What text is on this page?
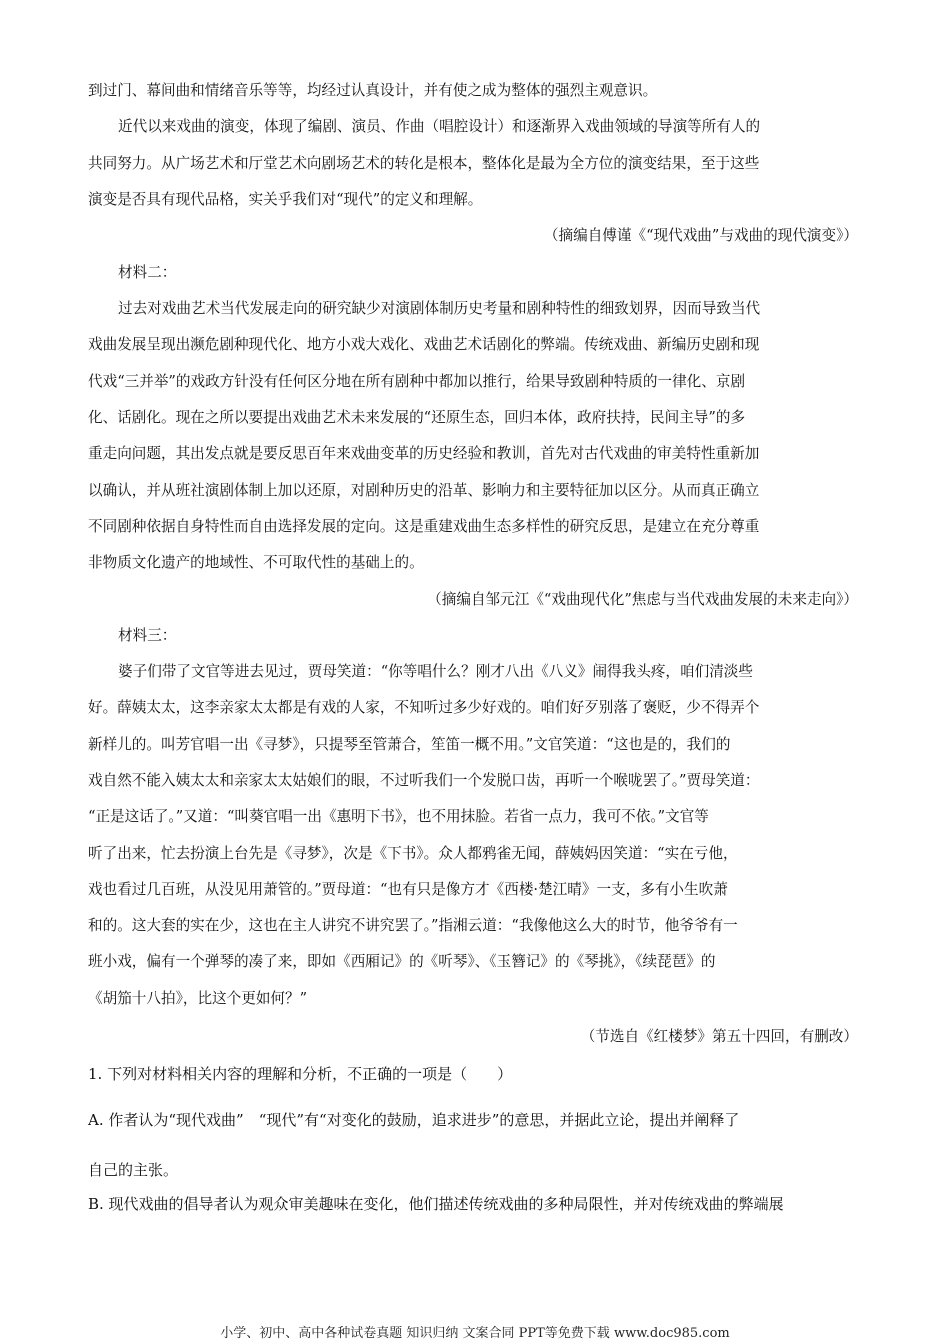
到过门、幕间曲和情绪音乐等等，均经过认真设计，并有使之成为整体的强烈主观意识。
近代以来戏曲的演变，体现了编剧、演员、作曲（唱腔设计）和逐渐界入戏曲领域的导演等所有人的
共同努力。从广场艺术和厅堂艺术向剧场艺术的转化是根本，整体化是最为全方位的演变结果，至于这些
演变是否具有现代品格，实关乎我们对“现代”的定义和理解。
（摘编自傅谨《“现代戏曲”与戏曲的现代演变》）
材料二：
过去对戏曲艺术当代发展走向的研究缺少对演剧体制历史考量和剧种特性的细致划界，因而导致当代
戏曲发展呈现出濒危剧种现代化、地方小戏大戏化、戏曲艺术话剧化的弊端。传统戏曲、新编历史剧和现
代戏“三并举”的戏政方针没有任何区分地在所有剧种中都加以推行，给果导致剧种特质的一律化、京剧
化、话剧化。现在之所以要提出戏曲艺术未来发展的“还原生态，回归本体，政府扶持，民间主导”的多
重走向问题，其出发点就是要反思百年来戏曲变革的历史经验和教训，首先对古代戏曲的审美特性重新加
以确认，并从班社演剧体制上加以还原，对剧种历史的沿革、影响力和主要特征加以区分。从而真正确立
不同剧种依据自身特性而自由选择发展的定向。这是重建戏曲生态多样性的研究反思，是建立在充分尊重
非物质文化遗产的地域性、不可取代性的基础上的。
（摘编自邹元江《“戏曲现代化”焦虑与当代戏曲发展的未来走向》）
材料三：
婆子们带了文官等进去见过，贾母笑道：“你等唱什么？刚才八出《八义》闹得我头疼，咱们清淡些
好。薛姨太太，这李亲家太太都是有戏的人家，不知听过多少好戏的。咱们好歹别落了褒贬，少不得弄个
新样儿的。叫芳官唱一出《寻梦》，只提琴至管萧合，笙笛一概不用。”文官笑道：“这也是的，我们的
戏自然不能入姨太太和亲家太太姑娘们的眼，不过听我们一个发脱口齿，再听一个喉咙罢了。”贾母笑道：
“正是这话了。”又道：“叫葵官唱一出《惠明下书》，也不用抹脸。若省一点力，我可不依。”文官等
听了出来，忙去扮演上台先是《寻梦》，次是《下书》。众人都鸦雀无闻，薛姨妈因笑道：“实在亏他，
戏也看过几百班，从没见用萧管的。”贾母道：“也有只是像方才《西楼·楚江晴》一支，多有小生吹萧
和的。这大套的实在少，这也在主人讲究不讲究罢了。”指湘云道：“我像他这么大的时节，他爷爷有一
班小戏，偏有一个弹琴的凑了来，即如《西厢记》的《听琴》、《玉簪记》的《琴挑》，《续琵琶》的
《胡笳十八拍》，比这个更如何？”
（节选自《红楼梦》第五十四回，有删改）
1. 下列对材料相关内容的理解和分析，不正确的一项是（　　）
A. 作者认为“现代戏曲”　“现代”有“对变化的鼓励，追求进步”的意思，并据此立论，提出并阐释了
自己的主张。
B. 现代戏曲的倡导者认为观众审美趣味在变化，他们描述传统戏曲的多种局限性，并对传统戏曲的弊端展
小学、初中、高中各种试卷真题 知识归纳 文案合同 PPT等免费下载 www.doc985.com
